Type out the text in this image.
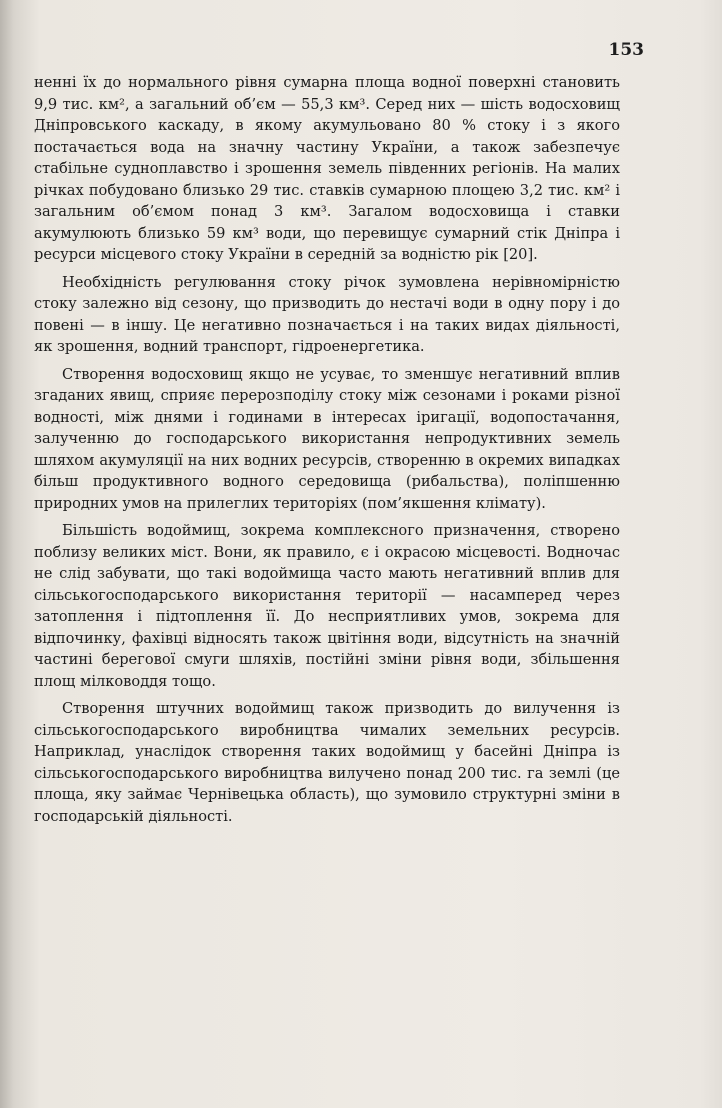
153

ненні їх до нормального рівня сумарна площа водної поверхні становить 9,9 тис. км², а загальний об’єм — 55,3 км³. Серед них — шість водосховищ Дніпровського каскаду, в якому акумульовано 80 % стоку і з якого постачається вода на значну частину України, а також забезпечує стабільне судноплавство і зрошення земель південних регіонів. На малих річках побудовано близько 29 тис. ставків сумарною площею 3,2 тис. км² і загальним об’ємом понад 3 км³. Загалом водосховища і ставки акумулюють близько 59 км³ води, що перевищує сумарний стік Дніпра і ресурси місцевого стоку України в середній за водністю рік [20].

Необхідність регулювання стоку річок зумовлена нерівномірністю стоку залежно від сезону, що призводить до нестачі води в одну пору і до повені — в іншу. Це негативно позначається і на таких видах діяльності, як зрошення, водний транспорт, гідроенергетика.

Створення водосховищ якщо не усуває, то зменшує негативний вплив згаданих явищ, сприяє перерозподілу стоку між сезонами і роками різної водності, між днями і годинами в інтересах іригації, водопостачання, залученню до господарського використання непродуктивних земель шляхом акумуляції на них водних ресурсів, створенню в окремих випадках більш продуктивного водного середовища (рибальства), поліпшенню природних умов на прилеглих територіях (пом’якшення клімату).

Більшість водоймищ, зокрема комплексного призначення, створено поблизу великих міст. Вони, як правило, є і окрасою місцевості. Водночас не слід забувати, що такі водоймища часто мають негативний вплив для сільськогосподарського використання території — насамперед через затоплення і підтоплення її. До несприятливих умов, зокрема для відпочинку, фахівці відносять також цвітіння води, відсутність на значній частині берегової смуги шляхів, постійні зміни рівня води, збільшення площ мілководдя тощо.

Створення штучних водоймищ також призводить до вилучення із сільськогосподарського виробництва чималих земельних ресурсів. Наприклад, унаслідок створення таких водоймищ у басейні Дніпра із сільськогосподарського виробництва вилучено понад 200 тис. га землі (це площа, яку займає Чернівецька область), що зумовило структурні зміни в господарській діяльності.
